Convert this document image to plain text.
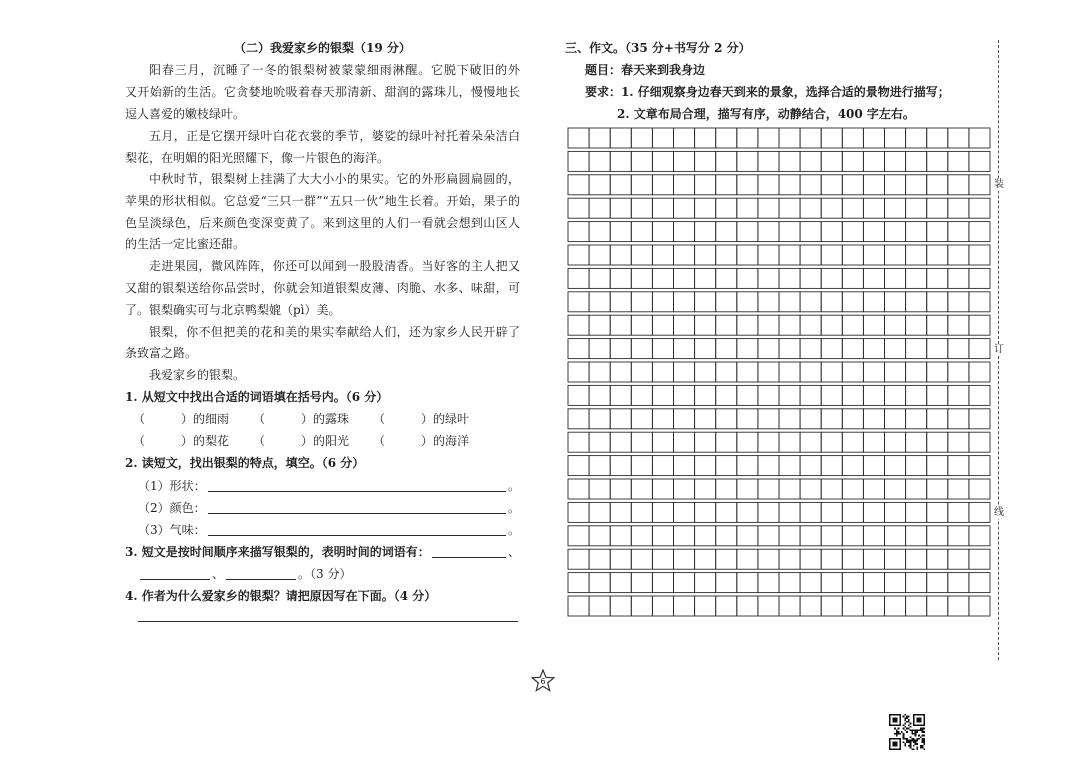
（二）我爱家乡的银梨（19 分）
阳春三月，沉睡了一冬的银梨树被蒙蒙细雨淋醒。它脱下破旧的外
又开始新的生活。它贪婪地吮吸着春天那清新、甜润的露珠儿，慢慢地长
逗人喜爱的嫩枝绿叶。
五月，正是它摆开绿叶白花衣裳的季节，婆娑的绿叶衬托着朵朵洁白
梨花，在明媚的阳光照耀下，像一片银色的海洋。
中秋时节，银梨树上挂满了大大小小的果实。它的外形扁圆扁圆的，
苹果的形状相似。它总爱“三只一群”“五只一伙”地生长着。开始，果子的
色呈淡绿色，后来颜色变深变黄了。来到这里的人们一看就会想到山区人
的生活一定比蜜还甜。
走进果园，微风阵阵，你还可以闻到一股股清香。当好客的主人把又
又甜的银梨送给你品尝时，你就会知道银梨皮薄、肉脆、水多、味甜，可
了。银梨确实可与北京鸭梨媲（pì）美。
银梨，你不但把美的花和美的果实奉献给人们，还为家乡人民开辟了
条致富之路。
我爱家乡的银梨。
1. 从短文中找出合适的词语填在括号内。（6 分）
（　　　）的细雨 （　　　）的露珠 （　　　）的绿叶
（　　　）的梨花 （　　　）的阳光 （　　　）的海洋
2. 读短文，找出银梨的特点，填空。（6 分）
（1）形状：	。
（2）颜色：	。
（3）气味：	。
3. 短文是按时间顺序来描写银梨的，表明时间的词语有：	、
、	。（3 分）
4. 作者为什么爱家乡的银梨？请把原因写在下面。（4 分）
三、作文。（35 分+书写分 2 分）
题目：春天来到我身边
要求：1. 仔细观察身边春天到来的景象，选择合适的景物进行描写；
2. 文章布局合理，描写有序，动静结合，400 字左右。
装
订
线
6
